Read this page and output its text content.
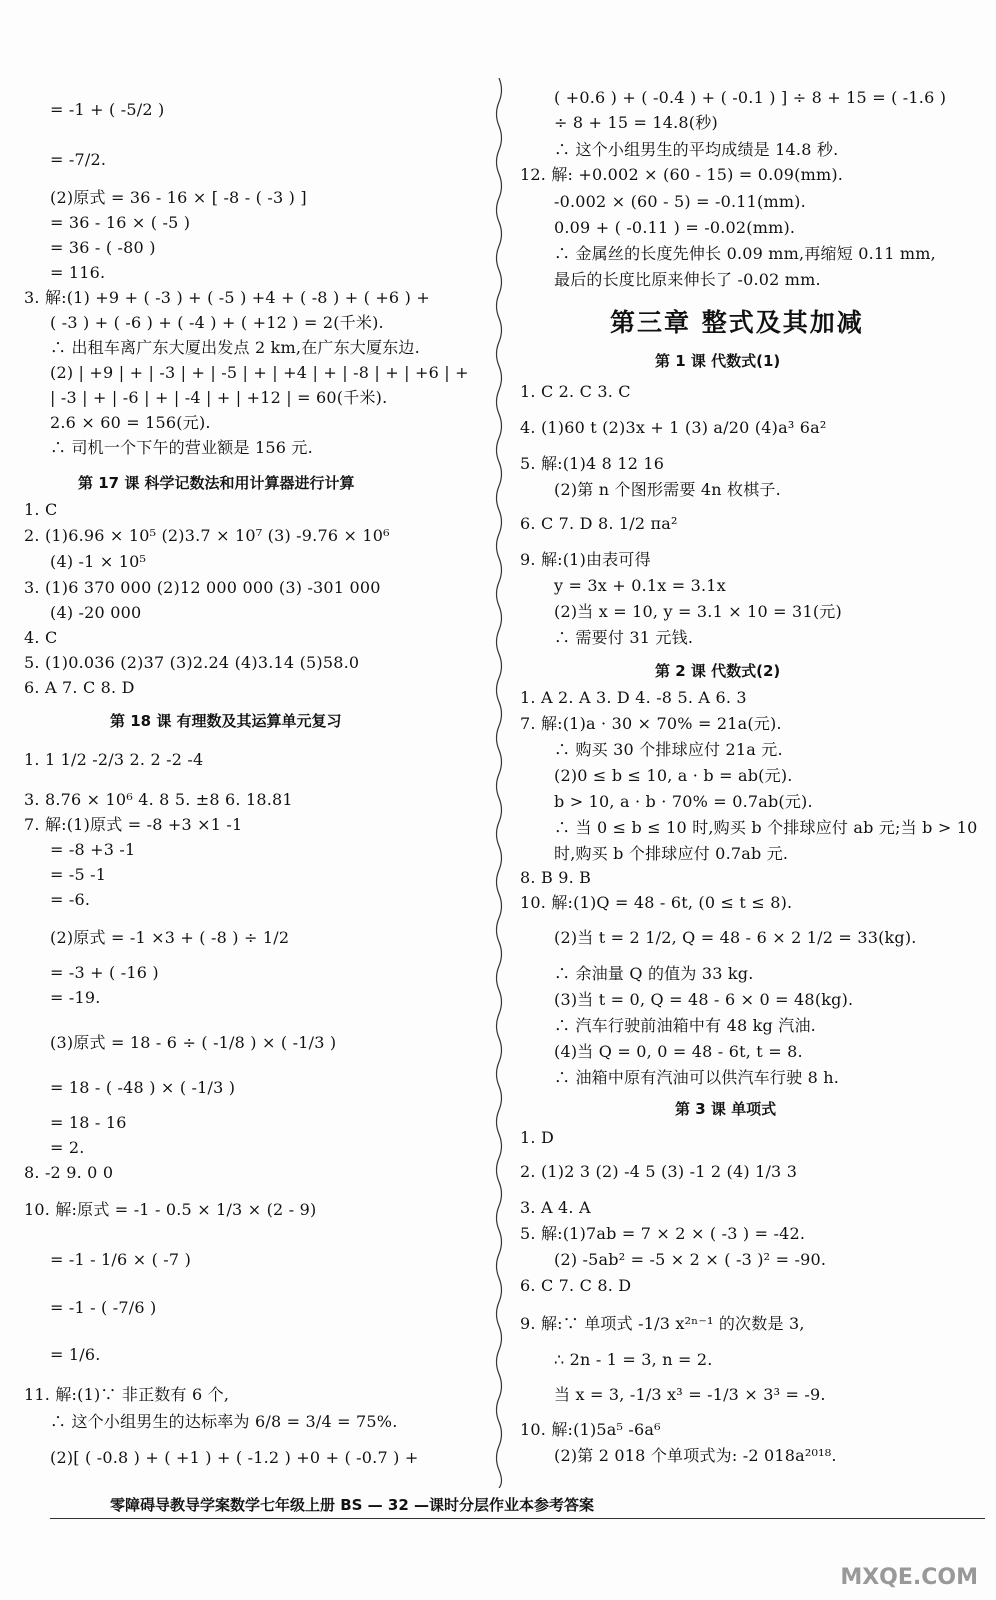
= -1 + ( -5/2 )
= -7/2.
(2)原式 = 36 - 16 × [ -8 - ( -3 ) ]
= 36 - 16 × ( -5 )
= 36 - ( -80 )
= 116.
3. 解:(1) +9 + ( -3 ) + ( -5 ) +4 + ( -8 ) + ( +6 ) +
( -3 ) + ( -6 ) + ( -4 ) + ( +12 ) = 2(千米).
∴ 出租车离广东大厦出发点 2 km,在广东大厦东边.
(2) | +9 | + | -3 | + | -5 | + | +4 | + | -8 | + | +6 | +
| -3 | + | -6 | + | -4 | + | +12 | = 60(千米).
2.6 × 60 = 156(元).
∴ 司机一个下午的营业额是 156 元.
第 17 课 科学记数法和用计算器进行计算
1. C
2. (1)6.96 × 10⁵ (2)3.7 × 10⁷ (3) -9.76 × 10⁶
(4) -1 × 10⁵
3. (1)6 370 000 (2)12 000 000 (3) -301 000
(4) -20 000
4. C
5. (1)0.036 (2)37 (3)2.24 (4)3.14 (5)58.0
6. A 7. C 8. D
第 18 课 有理数及其运算单元复习
1. 1 1/2 -2/3 2. 2 -2 -4
3. 8.76 × 10⁶ 4. 8 5. ±8 6. 18.81
7. 解:(1)原式 = -8 +3 ×1 -1
= -8 +3 -1
= -5 -1
= -6.
(2)原式 = -1 ×3 + ( -8 ) ÷ 1/2
= -3 + ( -16 )
= -19.
(3)原式 = 18 - 6 ÷ ( -1/8 ) × ( -1/3 )
= 18 - ( -48 ) × ( -1/3 )
= 18 - 16
= 2.
8. -2 9. 0 0
10. 解:原式 = -1 - 0.5 × 1/3 × (2 - 9)
= -1 - 1/6 × ( -7 )
= -1 - ( -7/6 )
= 1/6.
11. 解:(1)∵ 非正数有 6 个,
∴ 这个小组男生的达标率为 6/8 = 3/4 = 75%.
(2)[ ( -0.8 ) + ( +1 ) + ( -1.2 ) +0 + ( -0.7 ) +
( +0.6 ) + ( -0.4 ) + ( -0.1 ) ] ÷ 8 + 15 = ( -1.6 )
÷ 8 + 15 = 14.8(秒)
∴ 这个小组男生的平均成绩是 14.8 秒.
12. 解: +0.002 × (60 - 15) = 0.09(mm).
-0.002 × (60 - 5) = -0.11(mm).
0.09 + ( -0.11 ) = -0.02(mm).
∴ 金属丝的长度先伸长 0.09 mm,再缩短 0.11 mm,
最后的长度比原来伸长了 -0.02 mm.
第三章 整式及其加减
第 1 课 代数式(1)
1. C 2. C 3. C
4. (1)60 t (2)3x + 1 (3) a/20 (4)a³ 6a²
5. 解:(1)4 8 12 16
(2)第 n 个图形需要 4n 枚棋子.
6. C 7. D 8. 1/2 πa²
9. 解:(1)由表可得
y = 3x + 0.1x = 3.1x
(2)当 x = 10, y = 3.1 × 10 = 31(元)
∴ 需要付 31 元钱.
第 2 课 代数式(2)
1. A 2. A 3. D 4. -8 5. A 6. 3
7. 解:(1)a · 30 × 70% = 21a(元).
∴ 购买 30 个排球应付 21a 元.
(2)0 ≤ b ≤ 10, a · b = ab(元).
b > 10, a · b · 70% = 0.7ab(元).
∴ 当 0 ≤ b ≤ 10 时,购买 b 个排球应付 ab 元;当 b > 10
时,购买 b 个排球应付 0.7ab 元.
8. B 9. B
10. 解:(1)Q = 48 - 6t, (0 ≤ t ≤ 8).
(2)当 t = 2 1/2, Q = 48 - 6 × 2 1/2 = 33(kg).
∴ 余油量 Q 的值为 33 kg.
(3)当 t = 0, Q = 48 - 6 × 0 = 48(kg).
∴ 汽车行驶前油箱中有 48 kg 汽油.
(4)当 Q = 0, 0 = 48 - 6t, t = 8.
∴ 油箱中原有汽油可以供汽车行驶 8 h.
第 3 课 单项式
1. D
2. (1)2 3 (2) -4 5 (3) -1 2 (4) 1/3 3
3. A 4. A
5. 解:(1)7ab = 7 × 2 × ( -3 ) = -42.
(2) -5ab² = -5 × 2 × ( -3 )² = -90.
6. C 7. C 8. D
9. 解:∵ 单项式 -1/3 x²ⁿ⁻¹ 的次数是 3,
∴ 2n - 1 = 3, n = 2.
当 x = 3, -1/3 x³ = -1/3 × 3³ = -9.
10. 解:(1)5a⁵ -6a⁶
(2)第 2 018 个单项式为: -2 018a²⁰¹⁸.
零障碍导教导学案数学七年级上册 BS — 32 —课时分层作业本参考答案
MXQE.COM
